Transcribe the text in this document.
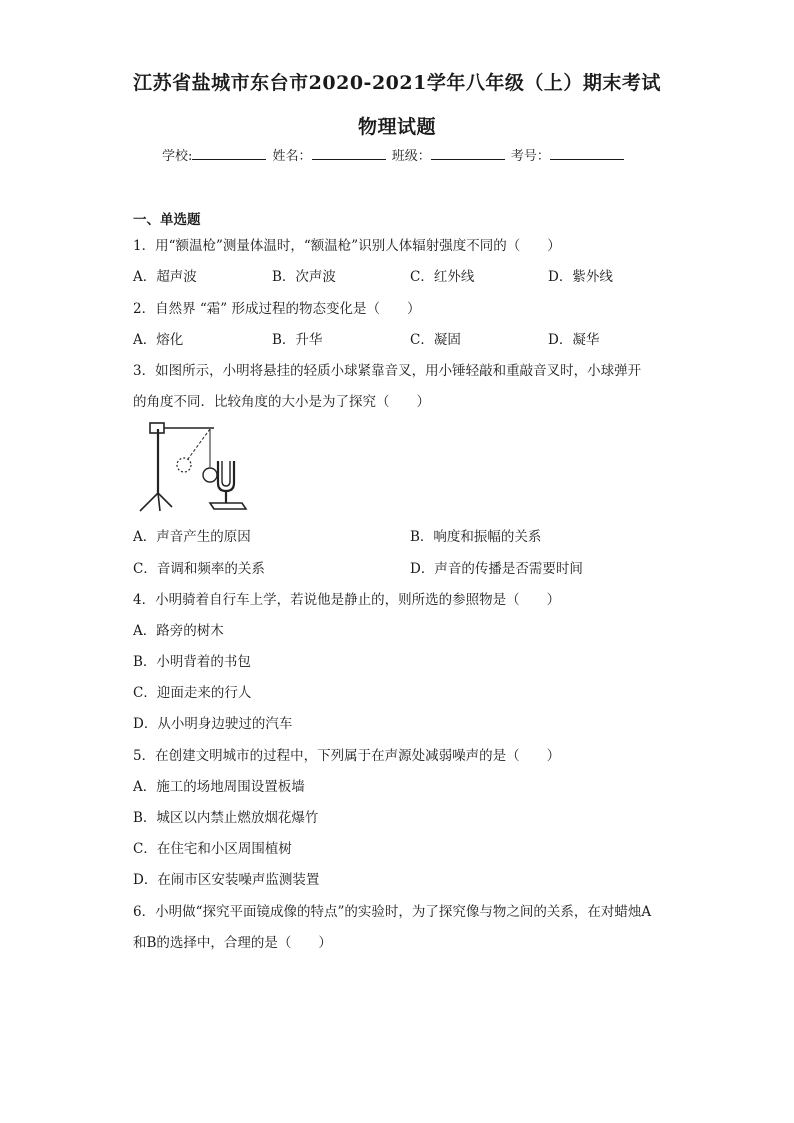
江苏省盐城市东台市2020-2021学年八年级（上）期末考试
物理试题
学校:	姓名：	班级：	考号：
一、单选题
1．用“额温枪”测量体温时，“额温枪”识别人体辐射强度不同的（　　）
A．超声波	B．次声波	C．红外线	D．紫外线
2．自然界 “霜” 形成过程的物态变化是（　　）
A．熔化	B．升华	C．凝固	D．凝华
3．如图所示，小明将悬挂的轻质小球紧靠音叉，用小锤轻敲和重敲音叉时，小球弹开
的角度不同．比较角度的大小是为了探究（　　）
A．声音产生的原因	B．响度和振幅的关系
C．音调和频率的关系	D．声音的传播是否需要时间
4．小明骑着自行车上学，若说他是静止的，则所选的参照物是（　　）
A．路旁的树木
B．小明背着的书包
C．迎面走来的行人
D．从小明身边驶过的汽车
5．在创建文明城市的过程中，下列属于在声源处减弱噪声的是（　　）
A．施工的场地周围设置板墙
B．城区以内禁止燃放烟花爆竹
C．在住宅和小区周围植树
D．在闹市区安装噪声监测装置
6．小明做“探究平面镜成像的特点”的实验时，为了探究像与物之间的关系，在对蜡烛A
和B的选择中，合理的是（　　）
